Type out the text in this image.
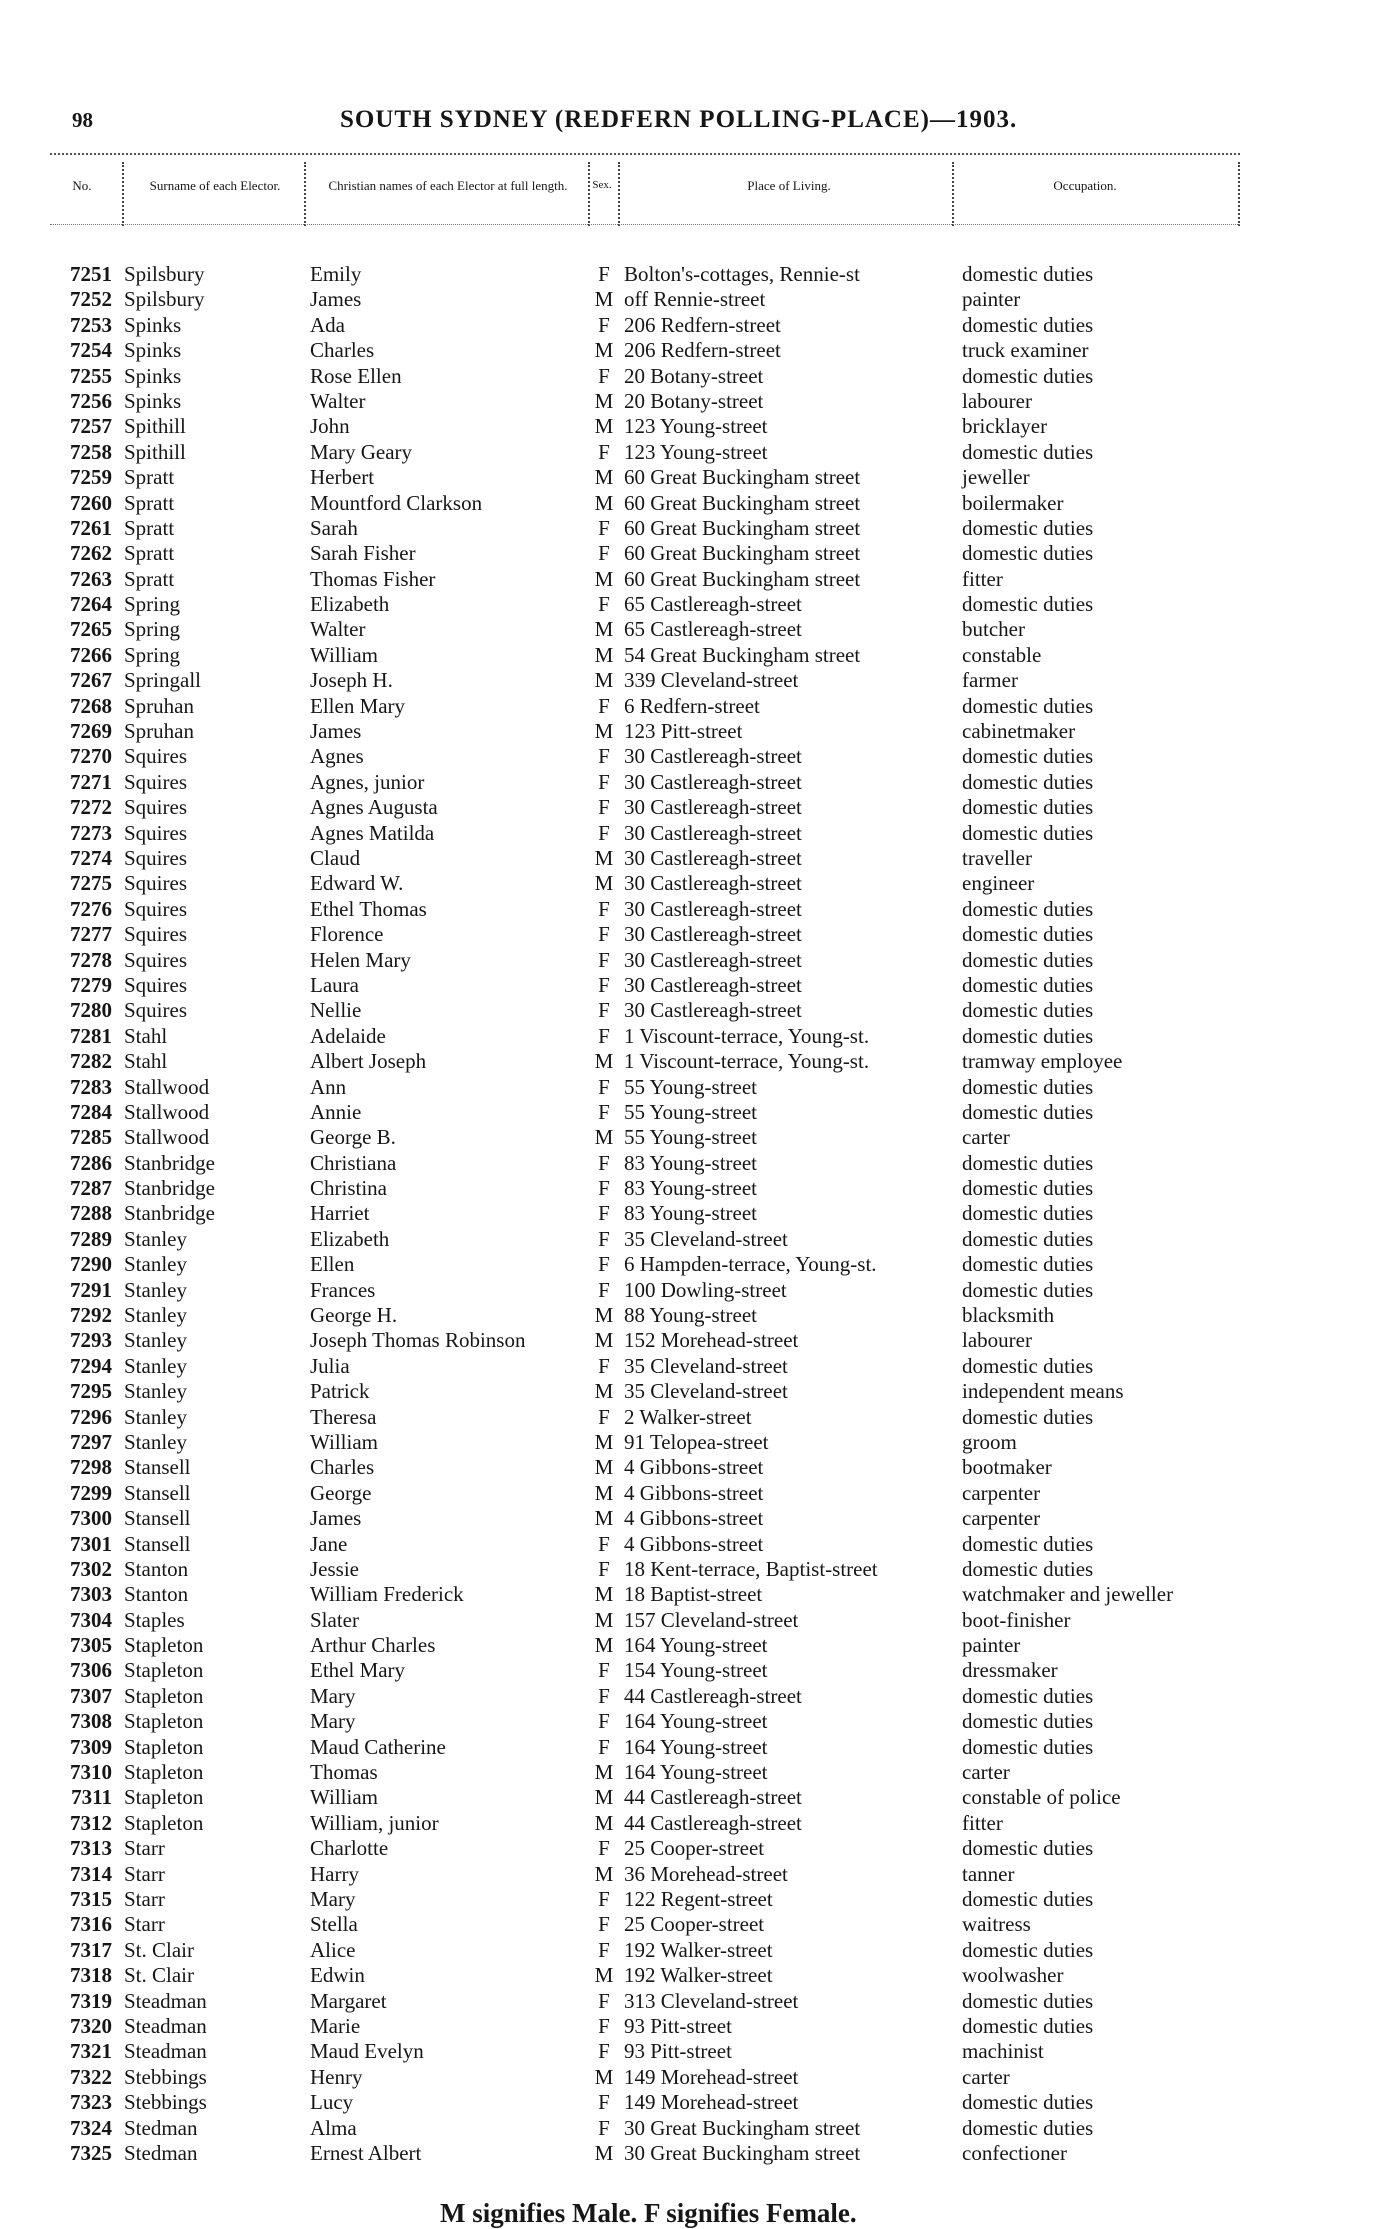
98	SOUTH SYDNEY (REDFERN POLLING-PLACE)—1903.
No.	Surname of each Elector.	Christian names of each Elector at full length.	Sex.	Place of Living.	Occupation.
7251 Spilsbury	Emily	F Bolton's-cottages, Rennie-st	domestic duties
7252 Spilsbury	James	M off Rennie-street	painter
7253 Spinks	Ada	F 206 Redfern-street	domestic duties
7254 Spinks	Charles	M 206 Redfern-street	truck examiner
7255 Spinks	Rose Ellen	F 20 Botany-street	domestic duties
7256 Spinks	Walter	M 20 Botany-street	labourer
7257 Spithill	John	M 123 Young-street	bricklayer
7258 Spithill	Mary Geary	F 123 Young-street	domestic duties
7259 Spratt	Herbert	M 60 Great Buckingham street	jeweller
7260 Spratt	Mountford Clarkson	M 60 Great Buckingham street	boilermaker
7261 Spratt	Sarah	F 60 Great Buckingham street	domestic duties
7262 Spratt	Sarah Fisher	F 60 Great Buckingham street	domestic duties
7263 Spratt	Thomas Fisher	M 60 Great Buckingham street	fitter
7264 Spring	Elizabeth	F 65 Castlereagh-street	domestic duties
7265 Spring	Walter	M 65 Castlereagh-street	butcher
7266 Spring	William	M 54 Great Buckingham street	constable
7267 Springall	Joseph H.	M 339 Cleveland-street	farmer
7268 Spruhan	Ellen Mary	F 6 Redfern-street	domestic duties
7269 Spruhan	James	M 123 Pitt-street	cabinetmaker
7270 Squires	Agnes	F 30 Castlereagh-street	domestic duties
7271 Squires	Agnes, junior	F 30 Castlereagh-street	domestic duties
7272 Squires	Agnes Augusta	F 30 Castlereagh-street	domestic duties
7273 Squires	Agnes Matilda	F 30 Castlereagh-street	domestic duties
7274 Squires	Claud	M 30 Castlereagh-street	traveller
7275 Squires	Edward W.	M 30 Castlereagh-street	engineer
7276 Squires	Ethel Thomas	F 30 Castlereagh-street	domestic duties
7277 Squires	Florence	F 30 Castlereagh-street	domestic duties
7278 Squires	Helen Mary	F 30 Castlereagh-street	domestic duties
7279 Squires	Laura	F 30 Castlereagh-street	domestic duties
7280 Squires	Nellie	F 30 Castlereagh-street	domestic duties
7281 Stahl	Adelaide	F 1 Viscount-terrace, Young-st.	domestic duties
7282 Stahl	Albert Joseph	M 1 Viscount-terrace, Young-st.	tramway employee
7283 Stallwood	Ann	F 55 Young-street	domestic duties
7284 Stallwood	Annie	F 55 Young-street	domestic duties
7285 Stallwood	George B.	M 55 Young-street	carter
7286 Stanbridge	Christiana	F 83 Young-street	domestic duties
7287 Stanbridge	Christina	F 83 Young-street	domestic duties
7288 Stanbridge	Harriet	F 83 Young-street	domestic duties
7289 Stanley	Elizabeth	F 35 Cleveland-street	domestic duties
7290 Stanley	Ellen	F 6 Hampden-terrace, Young-st.	domestic duties
7291 Stanley	Frances	F 100 Dowling-street	domestic duties
7292 Stanley	George H.	M 88 Young-street	blacksmith
7293 Stanley	Joseph Thomas Robinson	M 152 Morehead-street	labourer
7294 Stanley	Julia	F 35 Cleveland-street	domestic duties
7295 Stanley	Patrick	M 35 Cleveland-street	independent means
7296 Stanley	Theresa	F 2 Walker-street	domestic duties
7297 Stanley	William	M 91 Telopea-street	groom
7298 Stansell	Charles	M 4 Gibbons-street	bootmaker
7299 Stansell	George	M 4 Gibbons-street	carpenter
7300 Stansell	James	M 4 Gibbons-street	carpenter
7301 Stansell	Jane	F 4 Gibbons-street	domestic duties
7302 Stanton	Jessie	F 18 Kent-terrace, Baptist-street	domestic duties
7303 Stanton	William Frederick	M 18 Baptist-street	watchmaker and jeweller
7304 Staples	Slater	M 157 Cleveland-street	boot-finisher
7305 Stapleton	Arthur Charles	M 164 Young-street	painter
7306 Stapleton	Ethel Mary	F 154 Young-street	dressmaker
7307 Stapleton	Mary	F 44 Castlereagh-street	domestic duties
7308 Stapleton	Mary	F 164 Young-street	domestic duties
7309 Stapleton	Maud Catherine	F 164 Young-street	domestic duties
7310 Stapleton	Thomas	M 164 Young-street	carter
7311 Stapleton	William	M 44 Castlereagh-street	constable of police
7312 Stapleton	William, junior	M 44 Castlereagh-street	fitter
7313 Starr	Charlotte	F 25 Cooper-street	domestic duties
7314 Starr	Harry	M 36 Morehead-street	tanner
7315 Starr	Mary	F 122 Regent-street	domestic duties
7316 Starr	Stella	F 25 Cooper-street	waitress
7317 St. Clair	Alice	F 192 Walker-street	domestic duties
7318 St. Clair	Edwin	M 192 Walker-street	woolwasher
7319 Steadman	Margaret	F 313 Cleveland-street	domestic duties
7320 Steadman	Marie	F 93 Pitt-street	domestic duties
7321 Steadman	Maud Evelyn	F 93 Pitt-street	machinist
7322 Stebbings	Henry	M 149 Morehead-street	carter
7323 Stebbings	Lucy	F 149 Morehead-street	domestic duties
7324 Stedman	Alma	F 30 Great Buckingham street	domestic duties
7325 Stedman	Ernest Albert	M 30 Great Buckingham street	confectioner
M signifies Male. F signifies Female.
